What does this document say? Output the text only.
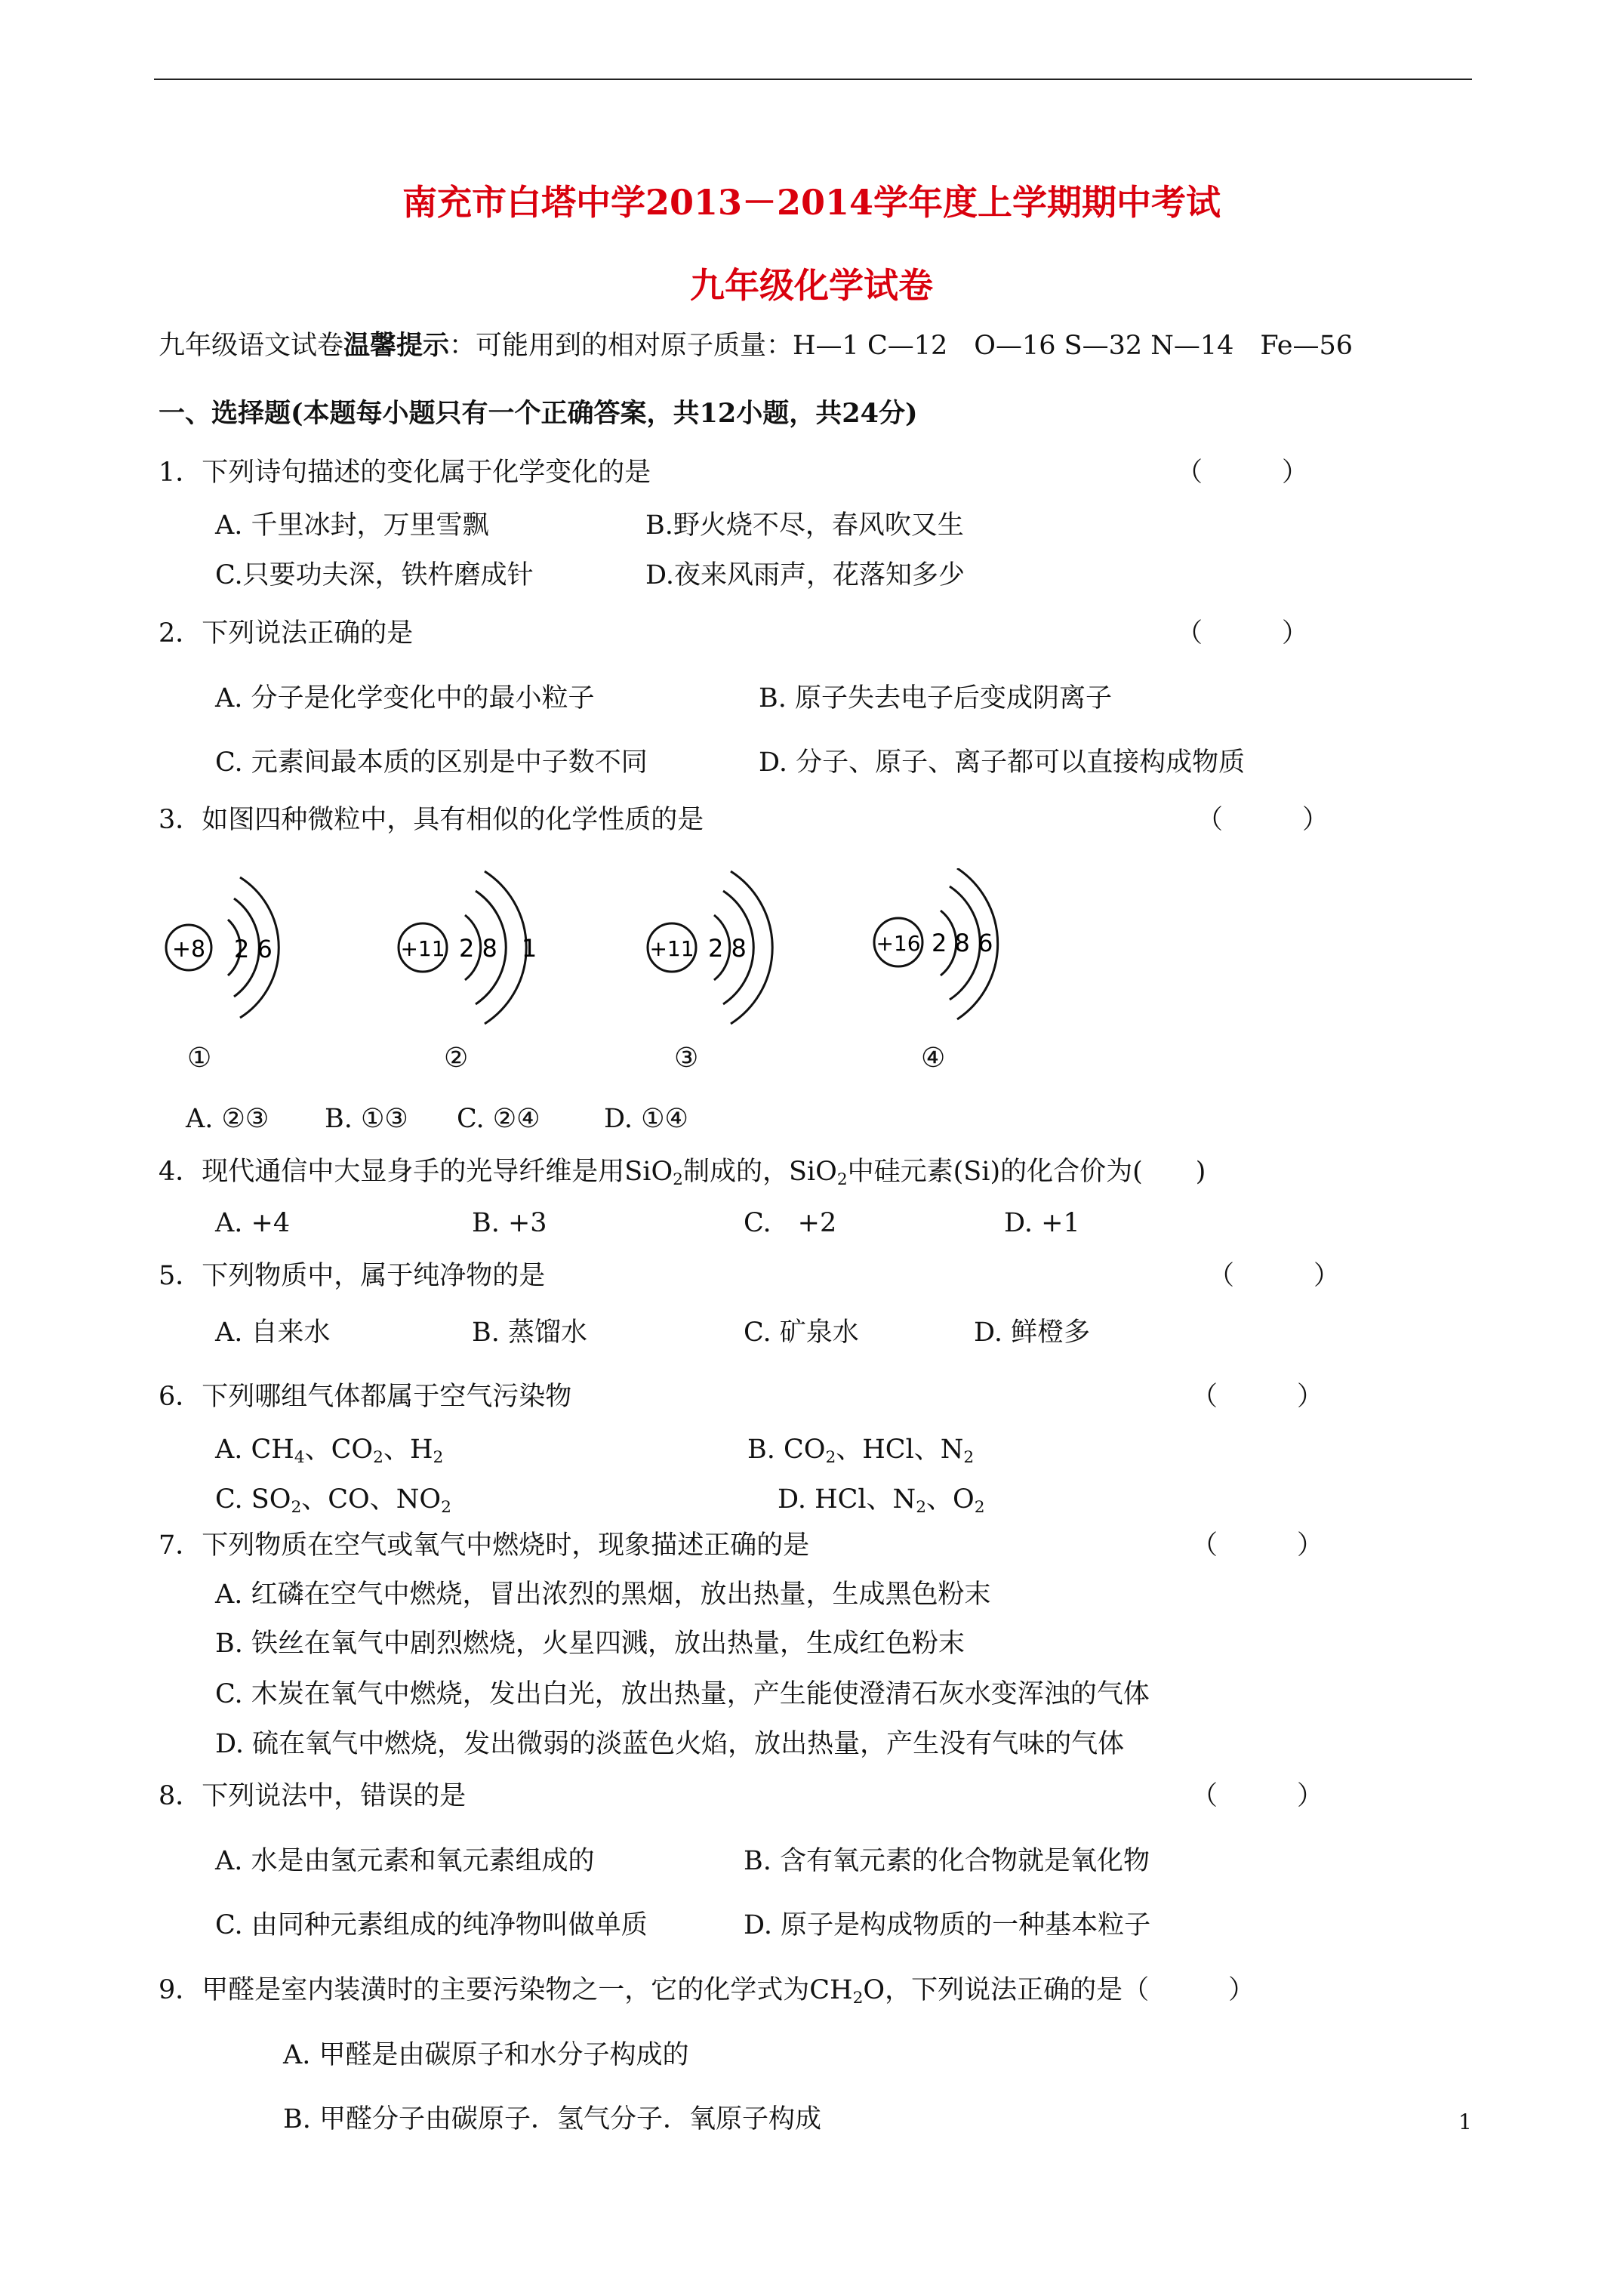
南充市白塔中学2013－2014学年度上学期期中考试
九年级化学试卷
九年级语文试卷温馨提示：可能用到的相对原子质量：H—1 C—12　O—16 S—32 N—14　Fe—56
一、选择题(本题每小题只有一个正确答案，共12小题，共24分)
1．下列诗句描述的变化属于化学变化的是	（　　　）
A. 千里冰封，万里雪飘	B.野火烧不尽，春风吹又生
C.只要功夫深，铁杵磨成针	D.夜来风雨声，花落知多少
2．下列说法正确的是	（　　　）
A. 分子是化学变化中的最小粒子	B. 原子失去电子后变成阴离子
C. 元素间最本质的区别是中子数不同	D. 分子、原子、离子都可以直接构成物质
3．如图四种微粒中，具有相似的化学性质的是	（　　　）
+8 2 6	+11 2 8　1	+11 2 8	+16 2 8 6
①	②	③	④
A. ②③ B. ①③ C. ②④ D. ①④
4．现代通信中大显身手的光导纤维是用SiO$_2$制成的，SiO$_2$中硅元素(Si)的化合价为(　　)
A. +4	B. +3	C.　+2	D. +1
5．下列物质中，属于纯净物的是	（　　　）
A. 自来水	B. 蒸馏水	C. 矿泉水	D. 鲜橙多
6．下列哪组气体都属于空气污染物	（　　　）
A. $CH_4$、$CO_2$、$H_2$	B. $CO_2$、HCl、$N_2$
C. $SO_2$、CO、$NO_2$	D. HCl、$N_2$、$O_2$
7．下列物质在空气或氧气中燃烧时，现象描述正确的是	（　　　）
A. 红磷在空气中燃烧，冒出浓烈的黑烟，放出热量，生成黑色粉末
B. 铁丝在氧气中剧烈燃烧，火星四溅，放出热量，生成红色粉末
C. 木炭在氧气中燃烧，发出白光，放出热量，产生能使澄清石灰水变浑浊的气体
D. 硫在氧气中燃烧，发出微弱的淡蓝色火焰，放出热量，产生没有气味的气体
8．下列说法中，错误的是	（　　　）
A. 水是由氢元素和氧元素组成的	B. 含有氧元素的化合物就是氧化物
C. 由同种元素组成的纯净物叫做单质	D. 原子是构成物质的一种基本粒子
9．甲醛是室内装潢时的主要污染物之一，它的化学式为$CH_2O$，下列说法正确的是（　　　）
A. 甲醛是由碳原子和水分子构成的
B. 甲醛分子由碳原子．氢气分子．氧原子构成	1
